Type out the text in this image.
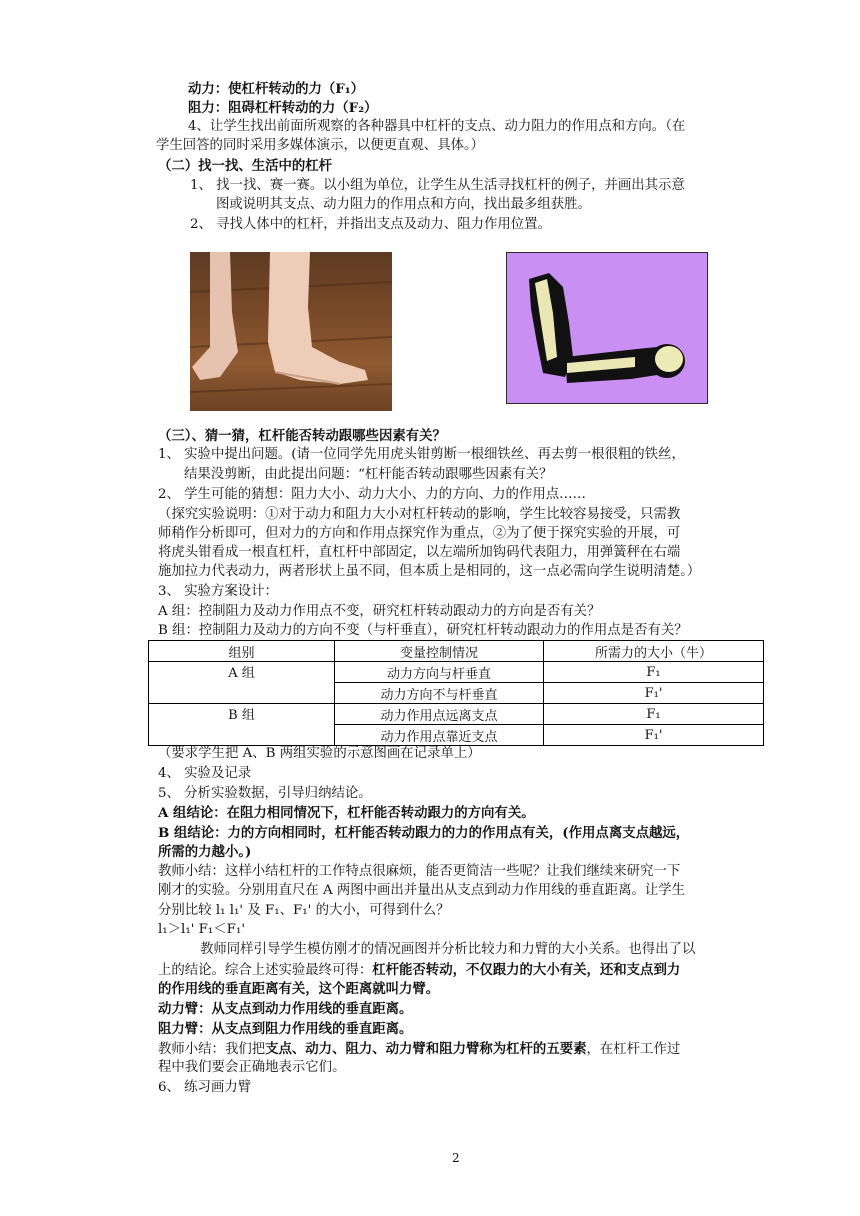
动力：使杠杆转动的力（F₁）
阻力：阻碍杠杆转动的力（F₂）
4、让学生找出前面所观察的各种器具中杠杆的支点、动力阻力的作用点和方向。（在
学生回答的同时采用多媒体演示，以便更直观、具体。）
（二）找一找、生活中的杠杆
1、 找一找、赛一赛。以小组为单位，让学生从生活寻找杠杆的例子，并画出其示意
图或说明其支点、动力阻力的作用点和方向，找出最多组获胜。
2、 寻找人体中的杠杆，并指出支点及动力、阻力作用位置。
（三）、猜一猜，杠杆能否转动跟哪些因素有关？
1、 实验中提出问题。(请一位同学先用虎头钳剪断一根细铁丝、再去剪一根很粗的铁丝，
结果没剪断，由此提出问题：“杠杆能否转动跟哪些因素有关？
2、 学生可能的猜想：阻力大小、动力大小、力的方向、力的作用点……
（探究实验说明：①对于动力和阻力大小对杠杆转动的影响，学生比较容易接受，只需教
师稍作分析即可，但对力的方向和作用点探究作为重点，②为了便于探究实验的开展，可
将虎头钳看成一根直杠杆，直杠杆中部固定，以左端所加钩码代表阻力，用弹簧秤在右端
施加拉力代表动力，两者形状上虽不同，但本质上是相同的，这一点必需向学生说明清楚。）
3、 实验方案设计：
A 组：控制阻力及动力作用点不变，研究杠杆转动跟动力的方向是否有关？
B 组：控制阻力及动力的方向不变（与杆垂直），研究杠杆转动跟动力的作用点是否有关？
组别	变量控制情况	所需力的大小（牛）
A 组	动力方向与杆垂直	F₁
	动力方向不与杆垂直	F₁'
B 组	动力作用点远离支点	F₁
	动力作用点靠近支点	F₁'
（要求学生把 A、B 两组实验的示意图画在记录单上）
4、 实验及记录
5、 分析实验数据，引导归纳结论。
A 组结论：在阻力相同情况下，杠杆能否转动跟力的方向有关。
B 组结论：力的方向相同时，杠杆能否转动跟力的力的作用点有关，(作用点离支点越远，
所需的力越小。)
教师小结：这样小结杠杆的工作特点很麻烦，能否更简洁一些呢？让我们继续来研究一下
刚才的实验。分别用直尺在 A 两图中画出并量出从支点到动力作用线的垂直距离。让学生
分别比较 l₁ l₁' 及 F₁、F₁' 的大小，可得到什么？
l₁＞l₁' F₁＜F₁'
教师同样引导学生模仿刚才的情况画图并分析比较力和力臂的大小关系。也得出了以
上的结论。综合上述实验最终可得：杠杆能否转动，不仅跟力的大小有关，还和支点到力
的作用线的垂直距离有关，这个距离就叫力臂。
动力臂：从支点到动力作用线的垂直距离。
阻力臂：从支点到阻力作用线的垂直距离。
教师小结：我们把支点、动力、阻力、动力臂和阻力臂称为杠杆的五要素，在杠杆工作过
程中我们要会正确地表示它们。
6、 练习画力臂
2
